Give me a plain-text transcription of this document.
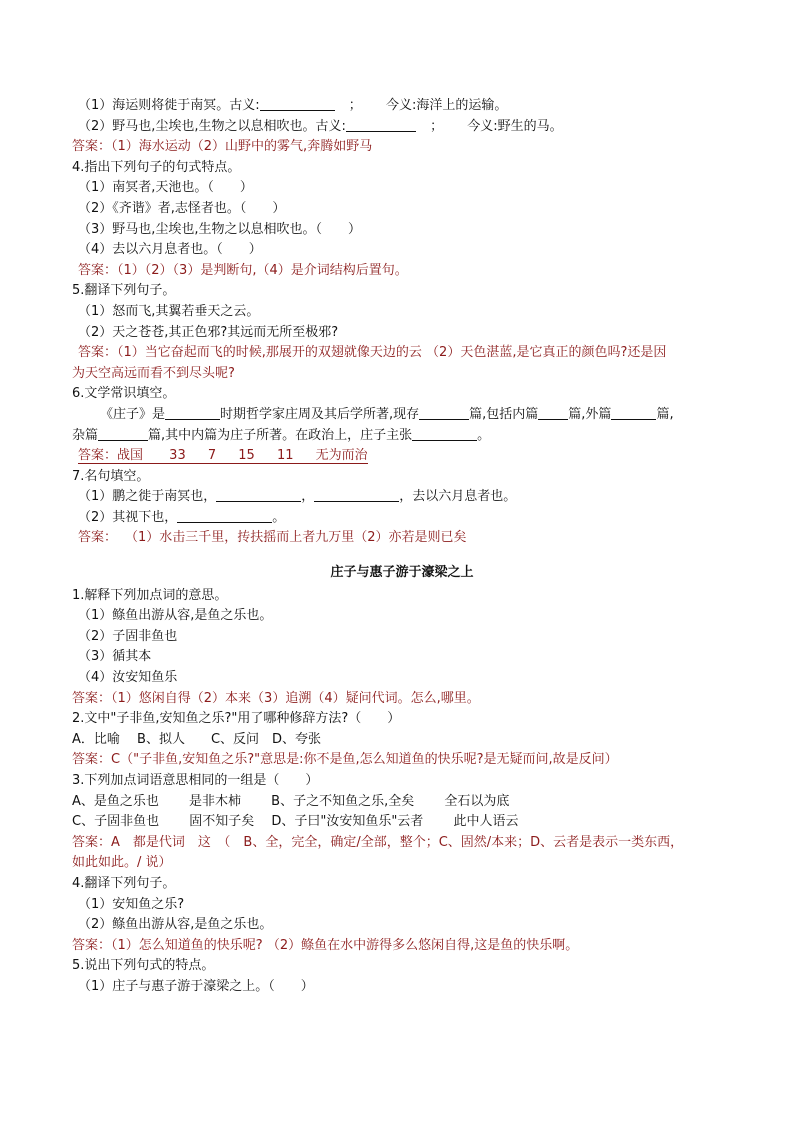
（1）海运则将徙于南冥。古义:	； 今义:海洋上的运输。
（2）野马也,尘埃也,生物之以息相吹也。古义:	； 今义:野生的马。
答案：（1）海水运动（2）山野中的雾气,奔腾如野马
4.指出下列句子的句式特点。
（1）南冥者,天池也。（　　）
（2）《齐谐》者,志怪者也。（　　）
（3）野马也,尘埃也,生物之以息相吹也。（　　）
（4）去以六月息者也。（　　）
答案：（1）（2）（3）是判断句,（4）是介词结构后置句。
5.翻译下列句子。
（1）怒而飞,其翼若垂天之云。
（2）天之苍苍,其正色邪?其远而无所至极邪?
答案：（1）当它奋起而飞的时候,那展开的双翅就像天边的云 （2）天色湛蓝,是它真正的颜色吗?还是因
为天空高远而看不到尽头呢?
6.文学常识填空。
《庄子》是	时期哲学家庄周及其后学所著,现存	篇,包括内篇 篇,外篇	篇,
杂篇	篇,其中内篇为庄子所著。在政治上，庄子主张	。
答案：战国 33 7 15 11 无为而治
7.名句填空。
（1）鹏之徙于南冥也，	，	，去以六月息者也。
（2）其视下也，	。
答案： （1）水击三千里，抟扶摇而上者九万里（2）亦若是则已矣
庄子与惠子游于濠梁之上
1.解释下列加点词的意思。
（1）鲦鱼出游从容,是鱼之乐也。
（2）子固非鱼也
（3）循其本
（4）汝安知鱼乐
答案：（1）悠闲自得（2）本来（3）追溯（4）疑问代词。怎么,哪里。
2.文中"子非鱼,安知鱼之乐?"用了哪种修辞方法?（　　）
A．比喻　 B、拟人　　C、反问　D、夸张
答案：C（"子非鱼,安知鱼之乐?"意思是:你不是鱼,怎么知道鱼的快乐呢?是无疑而问,故是反问）
3.下列加点词语意思相同的一组是（　　）
A、是鱼之乐也　　 是非木柿　　 B、子之不知鱼之乐,全矣　　 全石以为底
C、子固非鱼也　　 固不知子矣　 D、子曰"汝安知鱼乐"云者　　 此中人语云
答案：A　都是代词　这　（　B、全，完全，确定/全部，整个；C、固然/本来；D、云者是表示一类东西，
如此如此。/ 说）
4.翻译下列句子。
（1）安知鱼之乐?
（2）鲦鱼出游从容,是鱼之乐也。
答案：（1）怎么知道鱼的快乐呢? （2）鲦鱼在水中游得多么悠闲自得,这是鱼的快乐啊。
5.说出下列句式的特点。
（1）庄子与惠子游于濠梁之上。（　　）
